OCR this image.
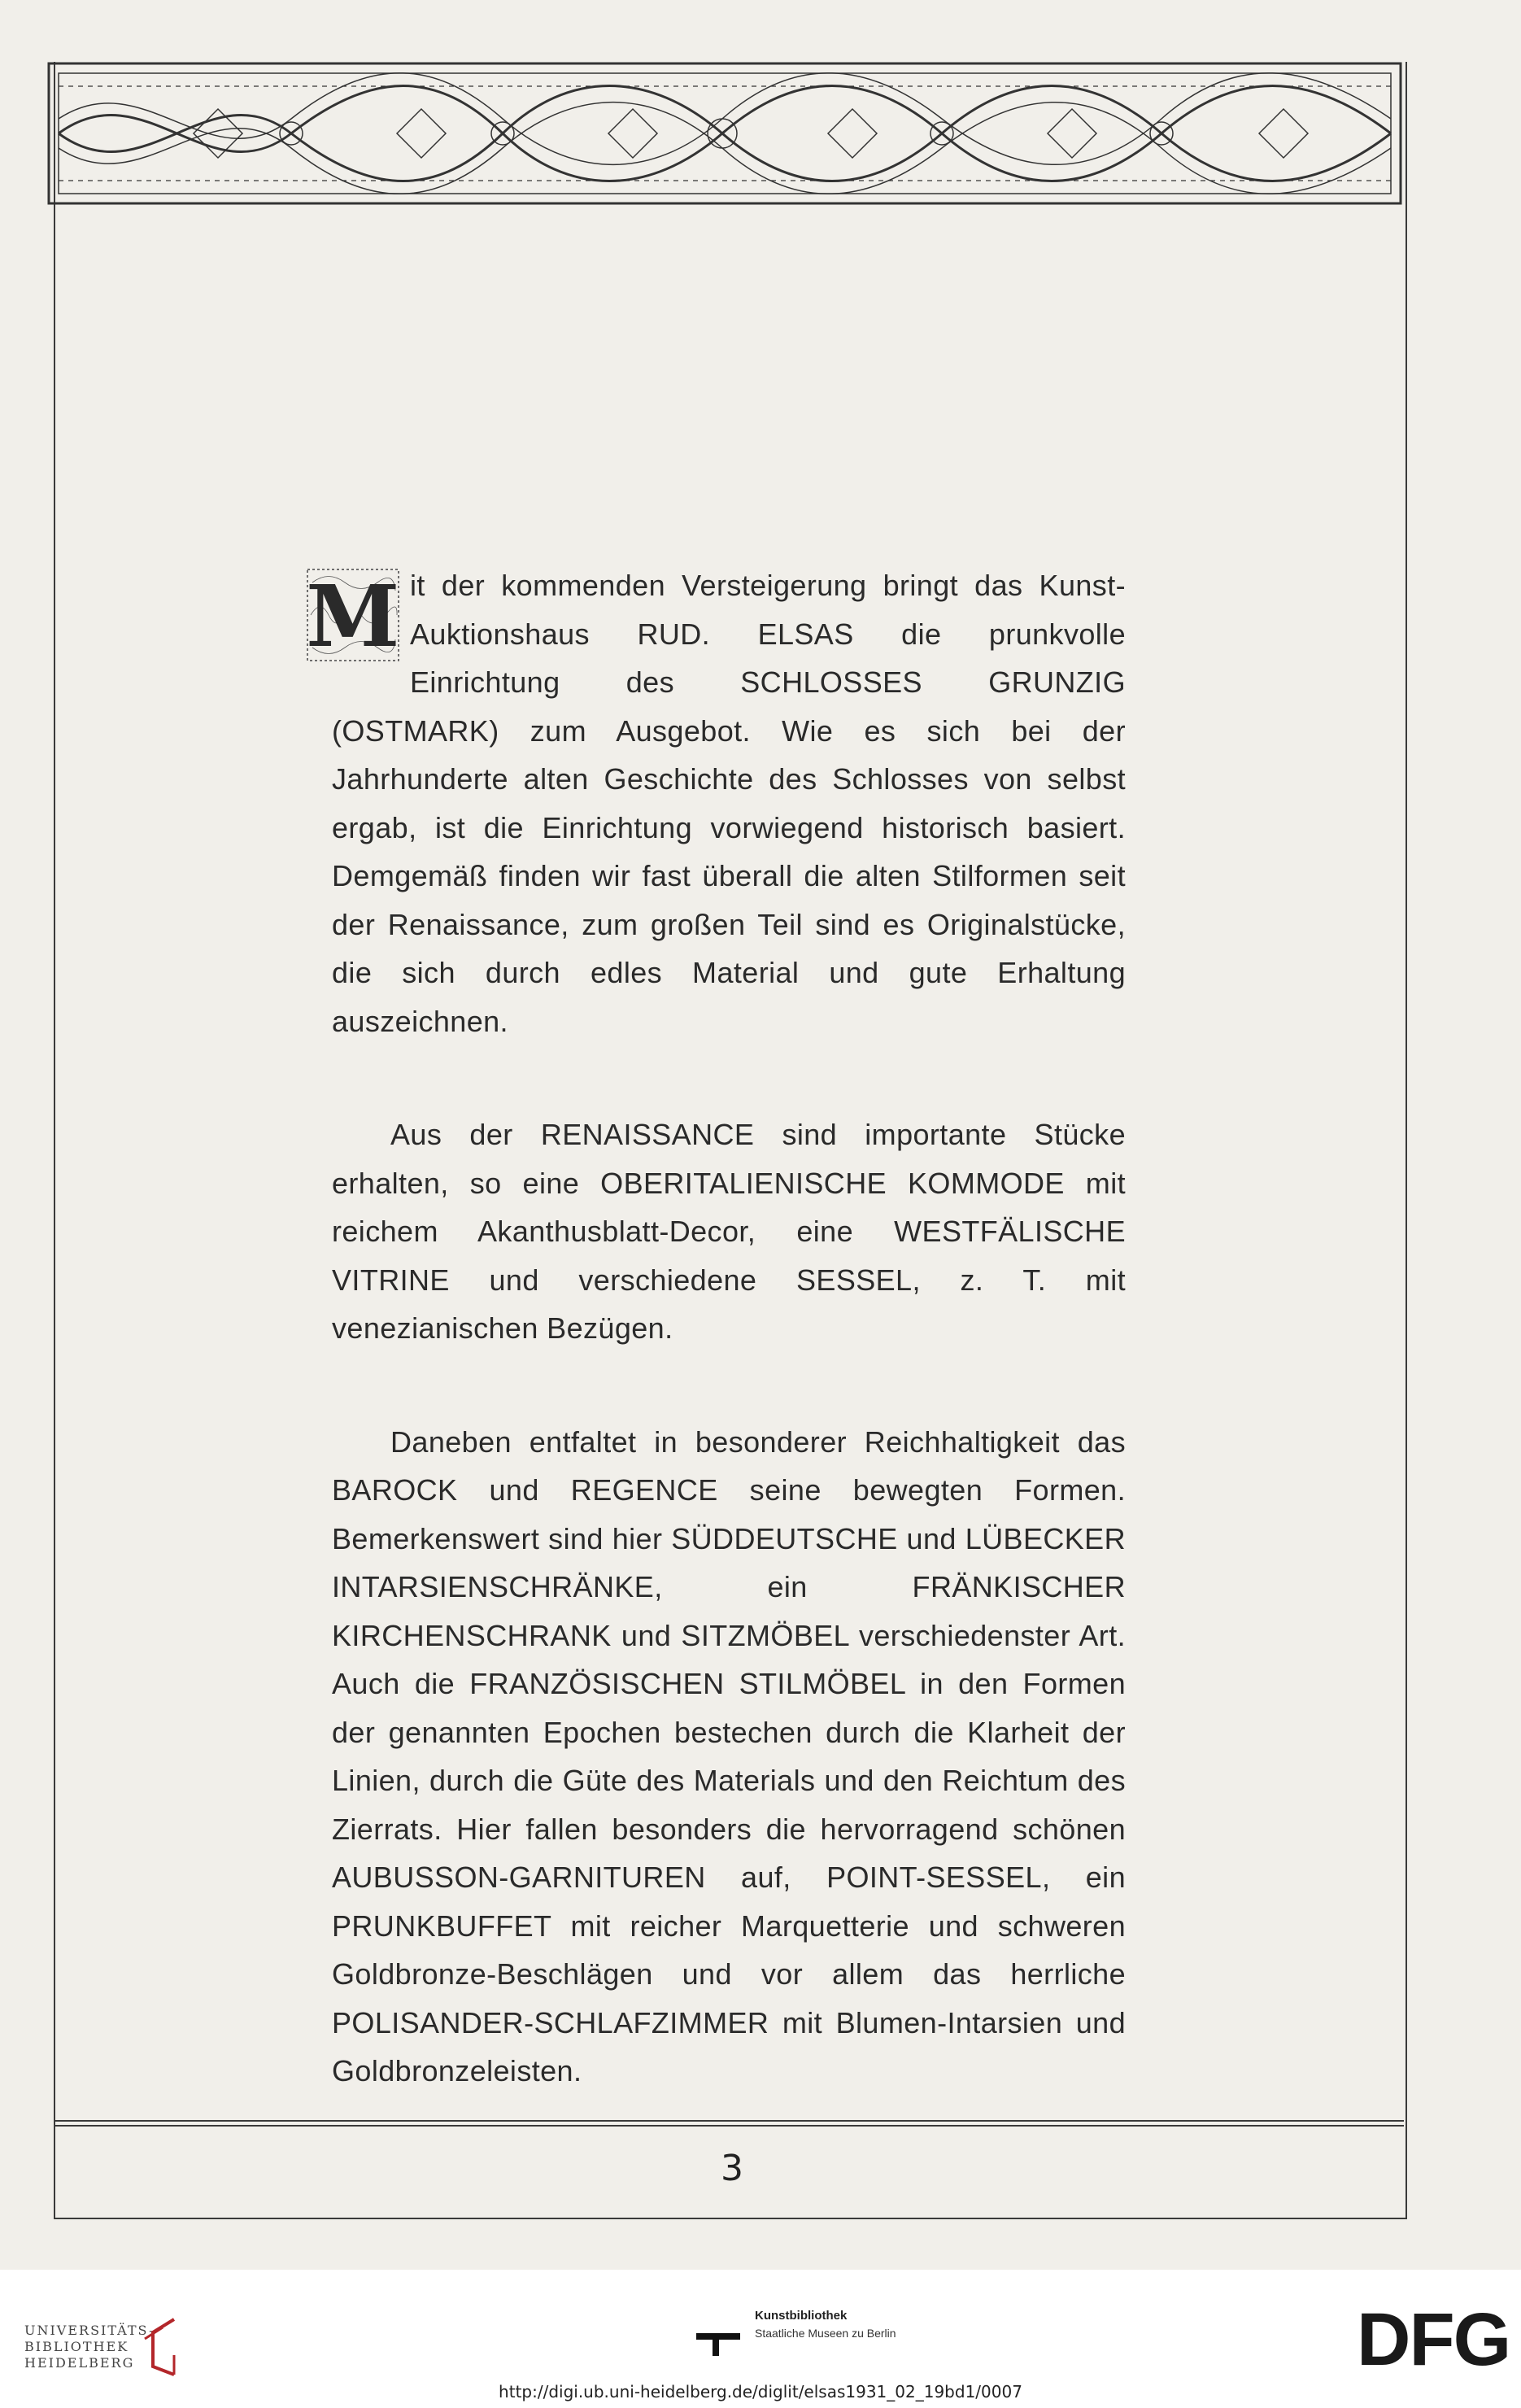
M it der kommenden Versteigerung bringt das Kunst-Auktionshaus RUD. ELSAS die prunkvolle Einrichtung des SCHLOSSES GRUNZIG (OSTMARK) zum Ausgebot. Wie es sich bei der Jahrhunderte alten Geschichte des Schlosses von selbst ergab, ist die Einrichtung vorwiegend historisch basiert. Demgemäß finden wir fast überall die alten Stilformen seit der Renaissance, zum großen Teil sind es Originalstücke, die sich durch edles Material und gute Erhaltung auszeichnen.

Aus der RENAISSANCE sind importante Stücke erhalten, so eine OBERITALIENISCHE KOMMODE mit reichem Akanthusblatt-Decor, eine WESTFÄLISCHE VITRINE und verschiedene SESSEL, z. T. mit venezianischen Bezügen.

Daneben entfaltet in besonderer Reichhaltigkeit das BAROCK und REGENCE seine bewegten Formen. Bemerkenswert sind hier SÜDDEUTSCHE und LÜBECKER INTARSIENSCHRÄNKE, ein FRÄNKISCHER KIRCHENSCHRANK und SITZMÖBEL verschiedenster Art. Auch die FRANZÖSISCHEN STILMÖBEL in den Formen der genannten Epochen bestechen durch die Klarheit der Linien, durch die Güte des Materials und den Reichtum des Zierrats. Hier fallen besonders die hervorragend schönen AUBUSSON-GARNITUREN auf, POINT-SESSEL, ein PRUNKBUFFET mit reicher Marquetterie und schweren Goldbronze-Beschlägen und vor allem das herrliche POLISANDER-SCHLAFZIMMER mit Blumen-Intarsien und Goldbronzeleisten.

3
UNIVERSITÄTS-
BIBLIOTHEK
HEIDELBERG
Kunstbibliothek
Staatliche Museen zu Berlin	DFG
http://digi.ub.uni-heidelberg.de/diglit/elsas1931_02_19bd1/0007
